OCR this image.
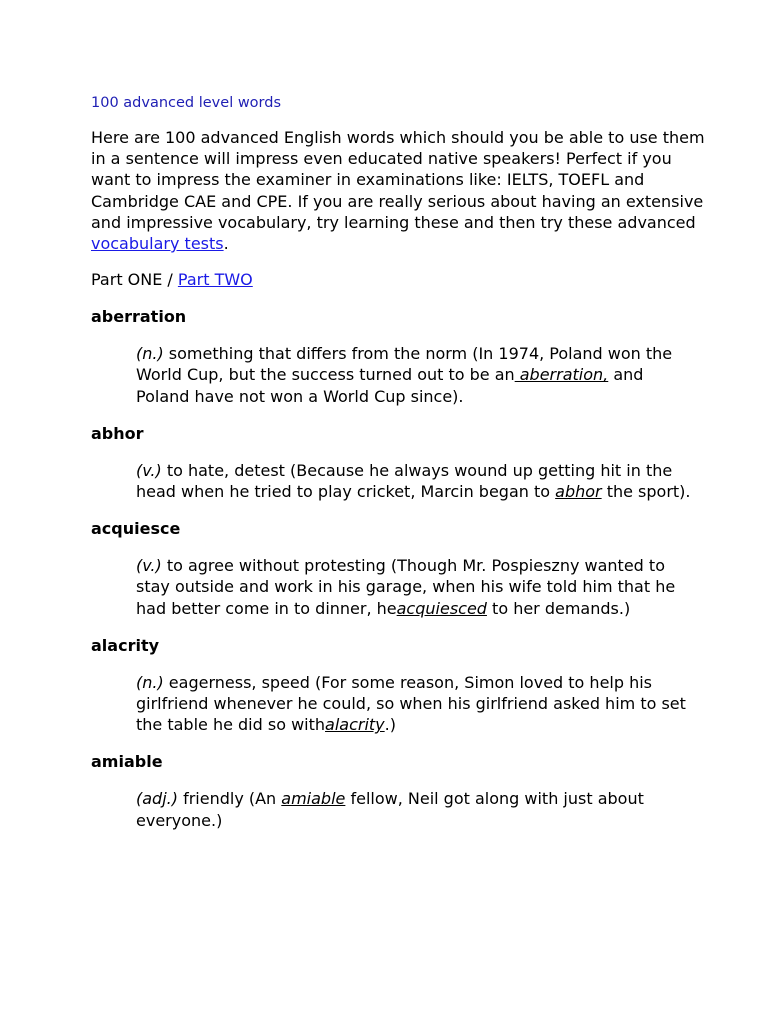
100 advanced level words

Here are 100 advanced English words which should you be able to use them in a sentence will impress even educated native speakers! Perfect if you want to impress the examiner in examinations like: IELTS, TOEFL and Cambridge CAE and CPE. If you are really serious about having an extensive and impressive vocabulary, try learning these and then try these advanced vocabulary tests.

Part ONE / Part TWO

aberration

(n.) something that differs from the norm (In 1974, Poland won the World Cup, but the success turned out to be an aberration, and Poland have not won a World Cup since).

abhor

(v.) to hate, detest (Because he always wound up getting hit in the head when he tried to play cricket, Marcin began to abhor the sport).

acquiesce

(v.) to agree without protesting (Though Mr. Pospieszny wanted to stay outside and work in his garage, when his wife told him that he had better come in to dinner, heacquiesced to her demands.)

alacrity

(n.) eagerness, speed (For some reason, Simon loved to help his girlfriend whenever he could, so when his girlfriend asked him to set the table he did so withalacrity.)

amiable

(adj.) friendly (An amiable fellow, Neil got along with just about everyone.)
